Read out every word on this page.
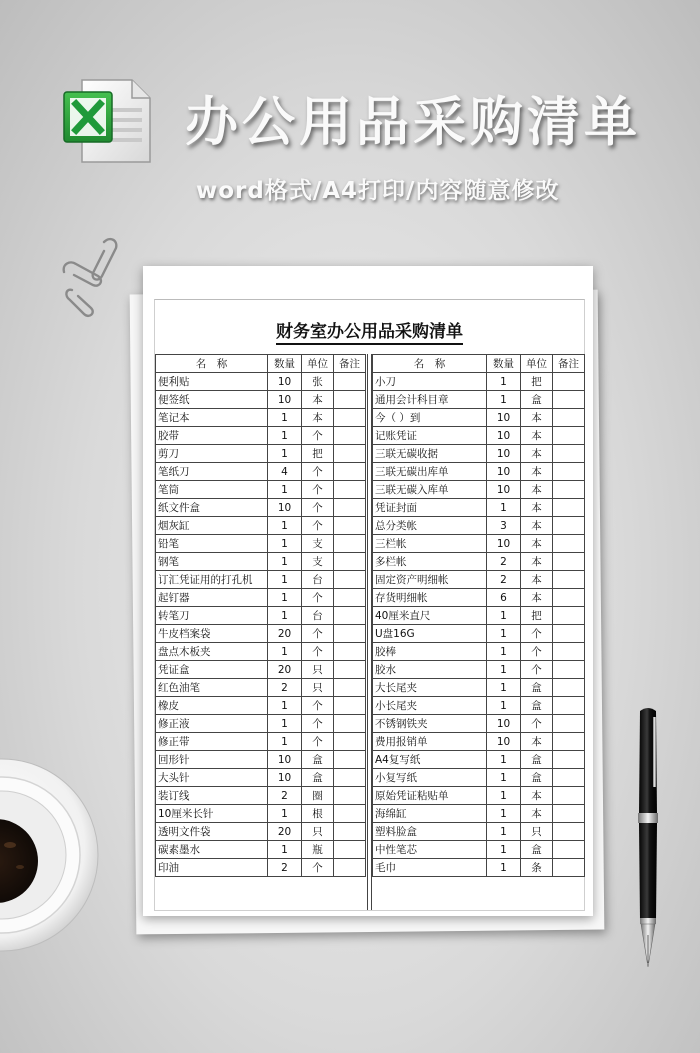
办公用品采购清单
word格式/A4打印/内容随意修改
财务室办公用品采购清单
名　称	数量	单位	备注
便利贴	10	张	
便签纸	10	本	
笔记本	1	本	
胶带	1	个	
剪刀	1	把	
笔纸刀	4	个	
笔筒	1	个	
纸文件盒	10	个	
烟灰缸	1	个	
铅笔	1	支	
钢笔	1	支	
订汇凭证用的打孔机	1	台	
起钉器	1	个	
转笔刀	1	台	
牛皮档案袋	20	个	
盘点木板夹	1	个	
凭证盒	20	只	
红色油笔	2	只	
橡皮	1	个	
修正液	1	个	
修正带	1	个	
回形针	10	盒	
大头针	10	盒	
装订线	2	圈	
10厘米长针	1	根	
透明文件袋	20	只	
碳素墨水	1	瓶	
印油	2	个	
名　称	数量	单位	备注
小刀	1	把	
通用会计科目章	1	盒	
今（ ）到	10	本	
记账凭证	10	本	
三联无碳收据	10	本	
三联无碳出库单	10	本	
三联无碳入库单	10	本	
凭证封面	1	本	
总分类帐	3	本	
三栏帐	10	本	
多栏帐	2	本	
固定资产明细帐	2	本	
存货明细帐	6	本	
40厘米直尺	1	把	
U盘16G	1	个	
胶棒	1	个	
胶水	1	个	
大长尾夹	1	盒	
小长尾夹	1	盒	
不锈钢铁夹	10	个	
费用报销单	10	本	
A4复写纸	1	盒	
小复写纸	1	盒	
原始凭证粘贴单	1	本	
海绵缸	1	本	
塑料脸盒	1	只	
中性笔芯	1	盒	
毛巾	1	条	
